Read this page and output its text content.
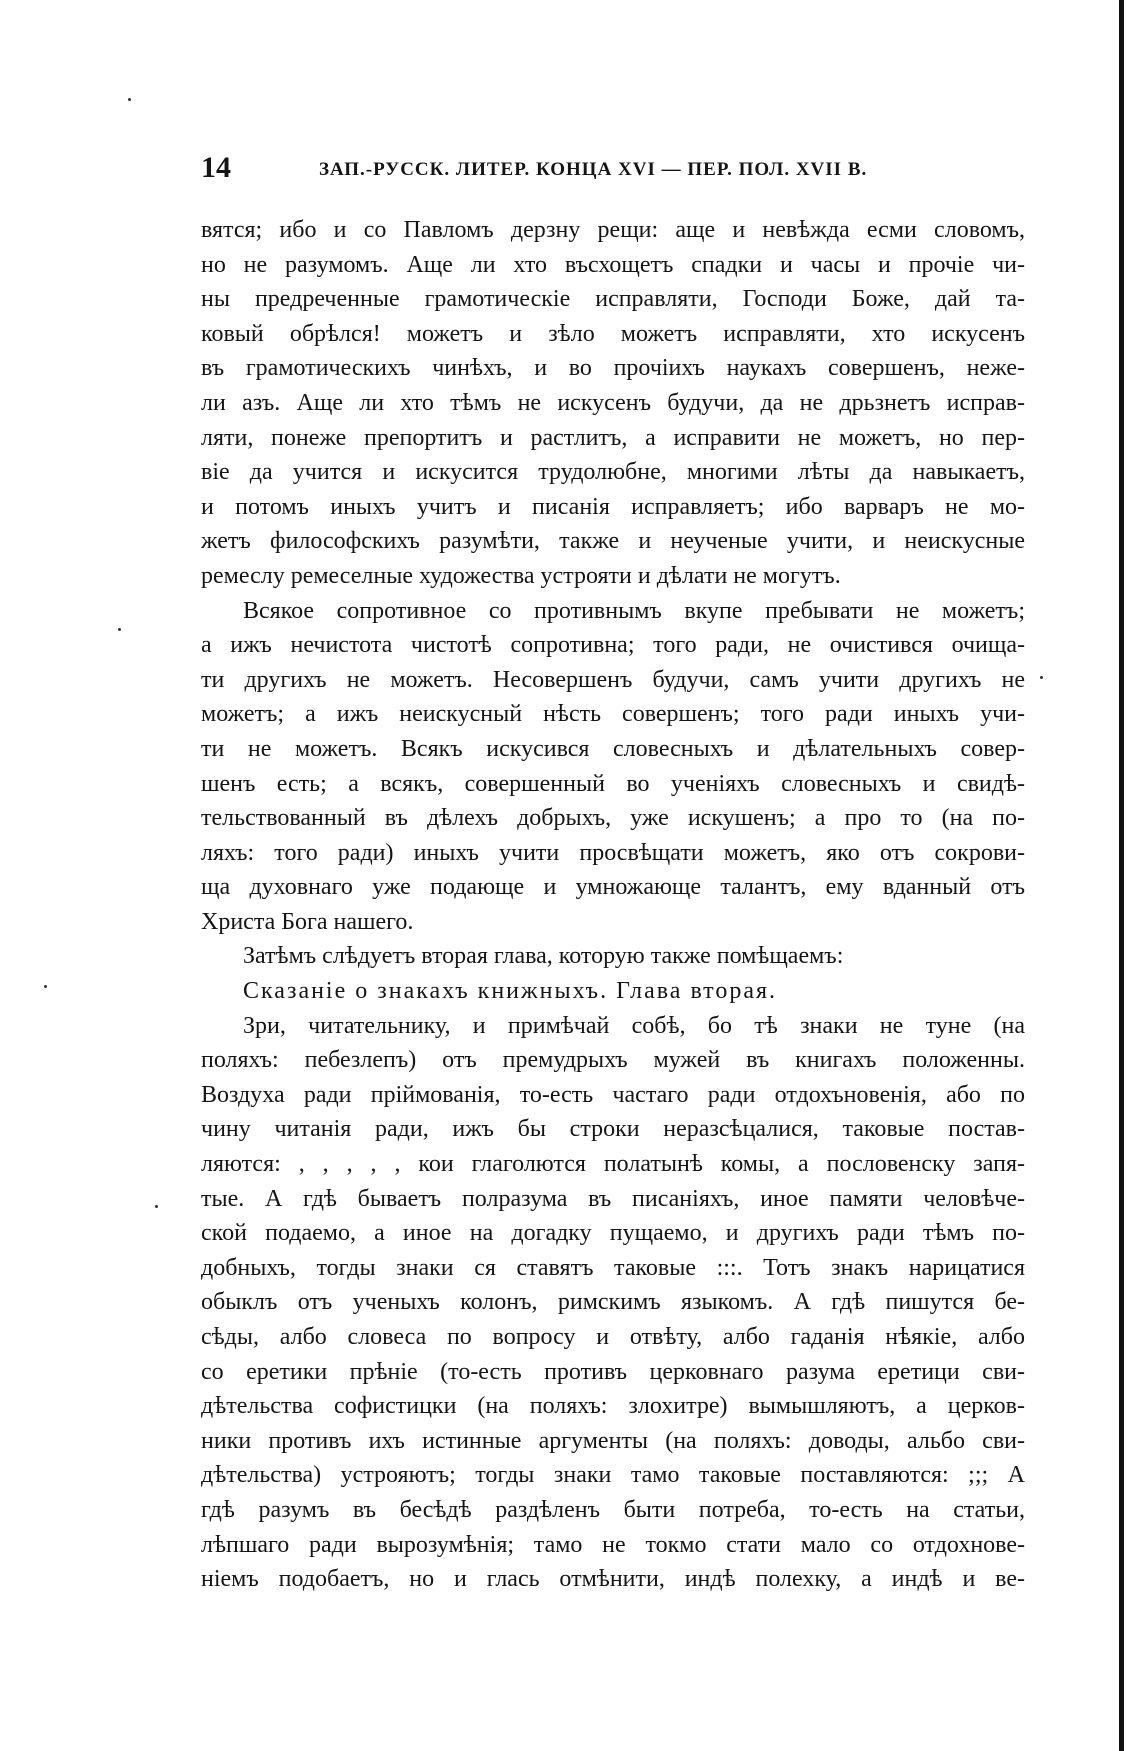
14	ЗАП.-РУССК. ЛИТЕР. КОНЦА XVI — ПЕР. ПОЛ. XVII В.
вятся; ибо и со Павломъ дерзну рещи: аще и невѣжда есми словомъ,
но не разумомъ. Аще ли хто въсхощетъ спадки и часы и прочіе чи-
ны предреченные грамотическіе исправляти, Господи Боже, дай та-
ковый обрѣлся! можетъ и зѣло можетъ исправляти, хто искусенъ
въ грамотическихъ чинѣхъ, и во прочіихъ наукахъ совершенъ, неже-
ли азъ. Аще ли хто тѣмъ не искусенъ будучи, да не дрьзнетъ исправ-
ляти, понеже препортитъ и растлитъ, а исправити не можетъ, но пер-
віе да учится и искусится трудолюбне, многими лѣты да навыкаетъ,
и потомъ иныхъ учитъ и писанія исправляетъ; ибо варваръ не мо-
жетъ философскихъ разумѣти, также и неученые учити, и неискусные
ремеслу ремеселные художества устрояти и дѣлати не могутъ.
Всякое сопротивное со противнымъ вкупе пребывати не можетъ;
а ижъ нечистота чистотѣ сопротивна; того ради, не очистився очища-
ти другихъ не можетъ. Несовершенъ будучи, самъ учити другихъ не
можетъ; а ижъ неискусный нѣсть совершенъ; того ради иныхъ учи-
ти не можетъ. Всякъ искусився словесныхъ и дѣлательныхъ совер-
шенъ есть; а всякъ, совершенный во ученіяхъ словесныхъ и свидѣ-
тельствованный въ дѣлехъ добрыхъ, уже искушенъ; а про то (на по-
ляхъ: того ради) иныхъ учити просвѣщати можетъ, яко отъ сокрови-
ща духовнаго уже подающе и умножающе талантъ, ему вданный отъ
Христа Бога нашего.
Затѣмъ слѣдуетъ вторая глава, которую также помѣщаемъ:
Сказаніе о знакахъ книжныхъ. Глава вторая.
Зри, читательнику, и примѣчай собѣ, бо тѣ знаки не туне (на
поляхъ: пебезлепъ) отъ премудрыхъ мужей въ книгахъ положенны.
Воздуха ради пріймованія, то-есть частаго ради отдохъновенія, або по
чину читанія ради, ижъ бы строки неразсѣцалися, таковые постав-
ляются: , , , , , кои глаголются полатынѣ комы, а пословенску запя-
тые. А гдѣ бываетъ полразума въ писаніяхъ, иное памяти человѣче-
ской подаемо, а иное на догадку пущаемо, и другихъ ради тѣмъ по-
добныхъ, тогды знаки ся ставятъ таковые :::. Тотъ знакъ нарицатися
обыклъ отъ ученыхъ колонъ, римскимъ языкомъ. А гдѣ пишутся бе-
сѣды, албо словеса по вопросу и отвѣту, албо гаданія нѣякіе, албо
со еретики прѣніе (то-есть противъ церковнаго разума еретици сви-
дѣтельства софистицки (на поляхъ: злохитре) вымышляютъ, а церков-
ники противъ ихъ истинные аргументы (на поляхъ: доводы, альбо сви-
дѣтельства) устрояютъ; тогды знаки тамо таковые поставляются: ;;; А
гдѣ разумъ въ бесѣдѣ раздѣленъ быти потреба, то-есть на статьи,
лѣпшаго ради вырозумѣнія; тамо не токмо стати мало со отдохнове-
ніемъ подобаетъ, но и глась отмѣнити, индѣ полехку, а индѣ и ве-
